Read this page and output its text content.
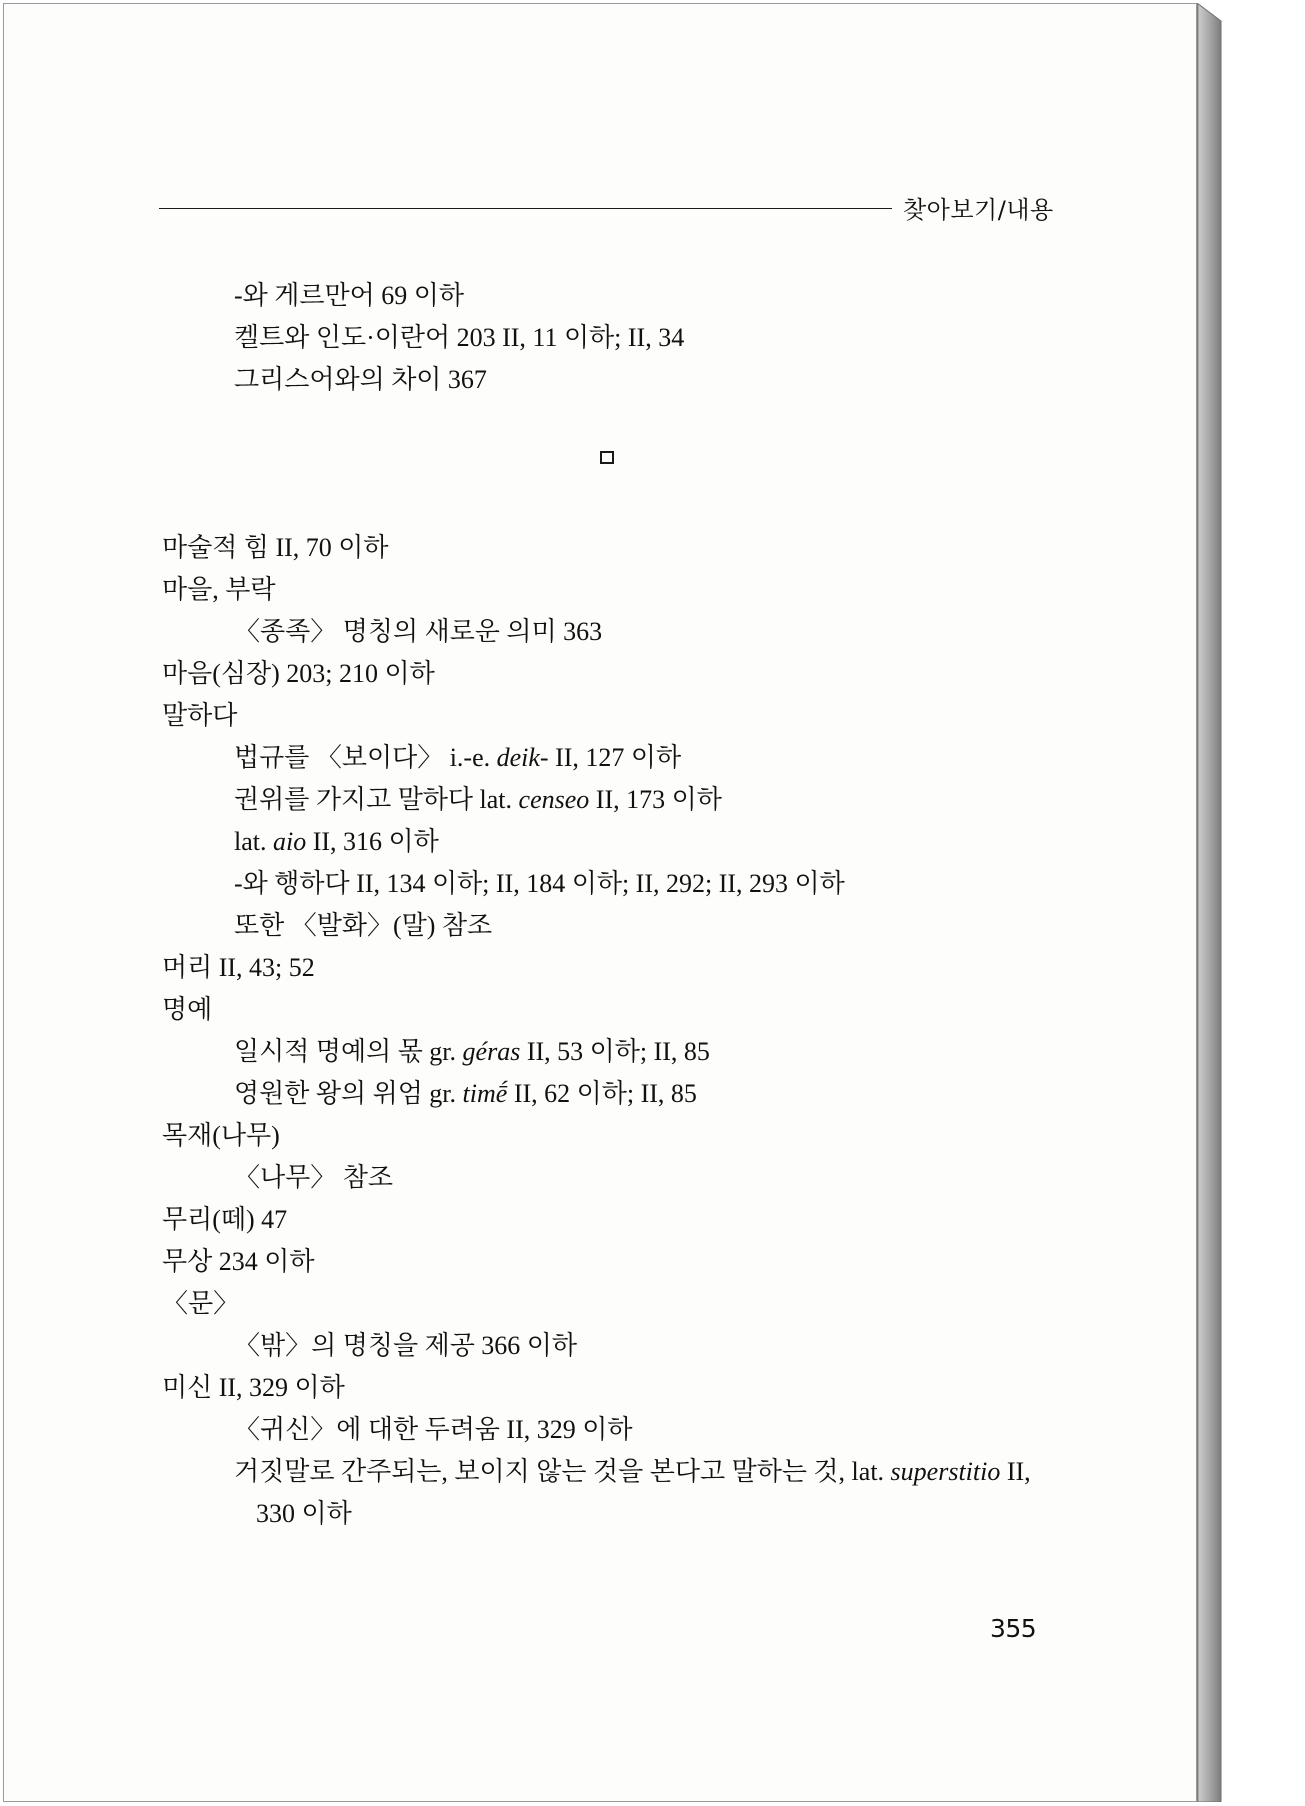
찾아보기/내용
-와 게르만어 69 이하
켈트와 인도·이란어 203 II, 11 이하; II, 34
그리스어와의 차이 367
마술적 힘 II, 70 이하
마을, 부락
〈종족〉 명칭의 새로운 의미 363
마음(심장) 203; 210 이하
말하다
법규를 〈보이다〉 i.-e. deik- II, 127 이하
권위를 가지고 말하다 lat. censeo II, 173 이하
lat. aio II, 316 이하
-와 행하다 II, 134 이하; II, 184 이하; II, 292; II, 293 이하
또한 〈발화〉(말) 참조
머리 II, 43; 52
명예
일시적 명예의 몫 gr. géras II, 53 이하; II, 85
영원한 왕의 위엄 gr. timḗ II, 62 이하; II, 85
목재(나무)
〈나무〉 참조
무리(떼) 47
무상 234 이하
〈문〉
〈밖〉의 명칭을 제공 366 이하
미신 II, 329 이하
〈귀신〉에 대한 두려움 II, 329 이하
거짓말로 간주되는, 보이지 않는 것을 본다고 말하는 것, lat. superstitio II,
330 이하
355
